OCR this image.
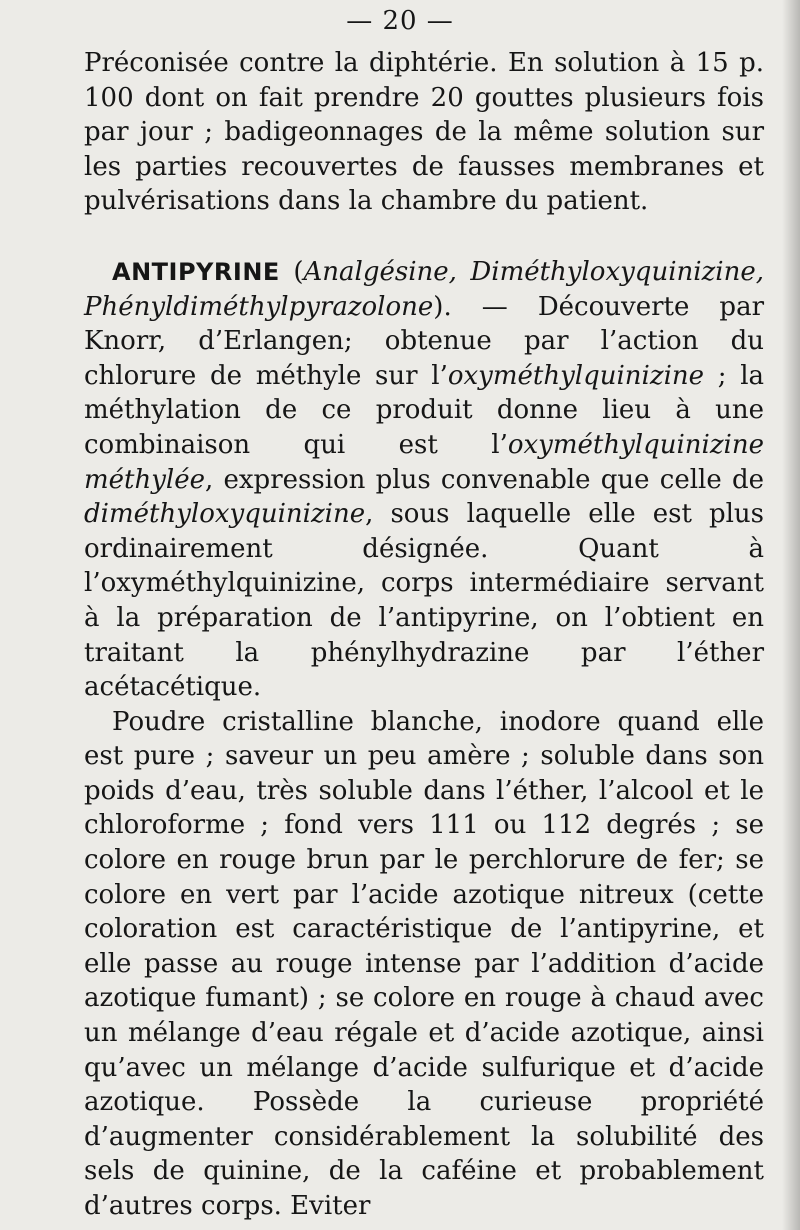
— 20 —

Préconisée contre la diphtérie. En solution à 15 p. 100 dont on fait prendre 20 gouttes plusieurs fois par jour ; badigeonnages de la même solution sur les parties recouvertes de fausses membranes et pulvérisations dans la chambre du patient.

ANTIPYRINE (Analgésine, Diméthyloxyquinizine, Phényldiméthylpyrazolone). — Découverte par Knorr, d’Erlangen; obtenue par l’action du chlorure de méthyle sur l’oxyméthylquinizine ; la méthylation de ce produit donne lieu à une combinaison qui est l’oxyméthylquinizine méthylée, expression plus convenable que celle de diméthyloxyquinizine, sous laquelle elle est plus ordinairement désignée. Quant à l’oxyméthylquinizine, corps intermédiaire servant à la préparation de l’antipyrine, on l’obtient en traitant la phénylhydrazine par l’éther acétacétique.

Poudre cristalline blanche, inodore quand elle est pure ; saveur un peu amère ; soluble dans son poids d’eau, très soluble dans l’éther, l’alcool et le chloroforme ; fond vers 111 ou 112 degrés ; se colore en rouge brun par le perchlorure de fer; se colore en vert par l’acide azotique nitreux (cette coloration est caractéristique de l’antipyrine, et elle passe au rouge intense par l’addition d’acide azotique fumant) ; se colore en rouge à chaud avec un mélange d’eau régale et d’acide azotique, ainsi qu’avec un mélange d’acide sulfurique et d’acide azotique. Possède la curieuse propriété d’augmenter considérablement la solubilité des sels de quinine, de la caféine et probablement d’autres corps. Eviter
